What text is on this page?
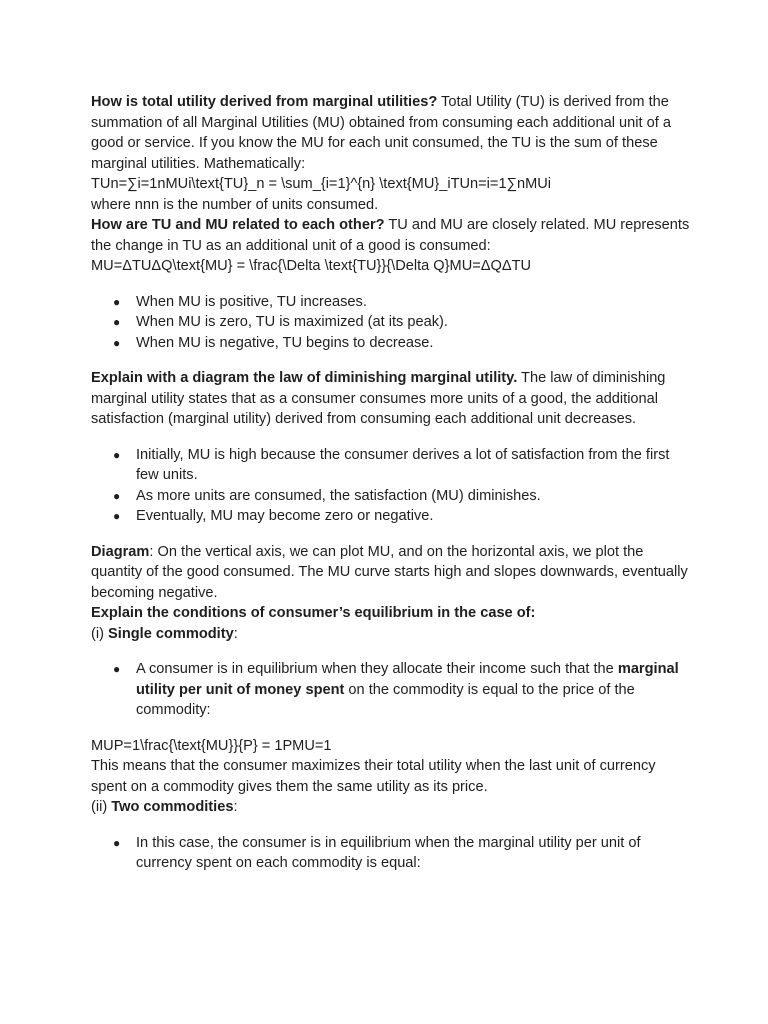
How is total utility derived from marginal utilities? Total Utility (TU) is derived from the summation of all Marginal Utilities (MU) obtained from consuming each additional unit of a good or service. If you know the MU for each unit consumed, the TU is the sum of these marginal utilities. Mathematically:

TUn=∑i=1nMUi\text{TU}_n = \sum_{i=1}^{n} \text{MU}_iTUn=i=1∑nMUi

where nnn is the number of units consumed.

How are TU and MU related to each other? TU and MU are closely related. MU represents the change in TU as an additional unit of a good is consumed:

MU=ΔTUΔQ\text{MU} = \frac{\Delta \text{TU}}{\Delta Q}MU=ΔQΔTU

● When MU is positive, TU increases.
● When MU is zero, TU is maximized (at its peak).
● When MU is negative, TU begins to decrease.

Explain with a diagram the law of diminishing marginal utility. The law of diminishing marginal utility states that as a consumer consumes more units of a good, the additional satisfaction (marginal utility) derived from consuming each additional unit decreases.

● Initially, MU is high because the consumer derives a lot of satisfaction from the first few units.
● As more units are consumed, the satisfaction (MU) diminishes.
● Eventually, MU may become zero or negative.

Diagram: On the vertical axis, we can plot MU, and on the horizontal axis, we plot the quantity of the good consumed. The MU curve starts high and slopes downwards, eventually becoming negative.

Explain the conditions of consumer’s equilibrium in the case of:

(i) Single commodity:

● A consumer is in equilibrium when they allocate their income such that the marginal utility per unit of money spent on the commodity is equal to the price of the commodity:

MUP=1\frac{\text{MU}}{P} = 1PMU=1

This means that the consumer maximizes their total utility when the last unit of currency spent on a commodity gives them the same utility as its price.

(ii) Two commodities:

● In this case, the consumer is in equilibrium when the marginal utility per unit of currency spent on each commodity is equal:
